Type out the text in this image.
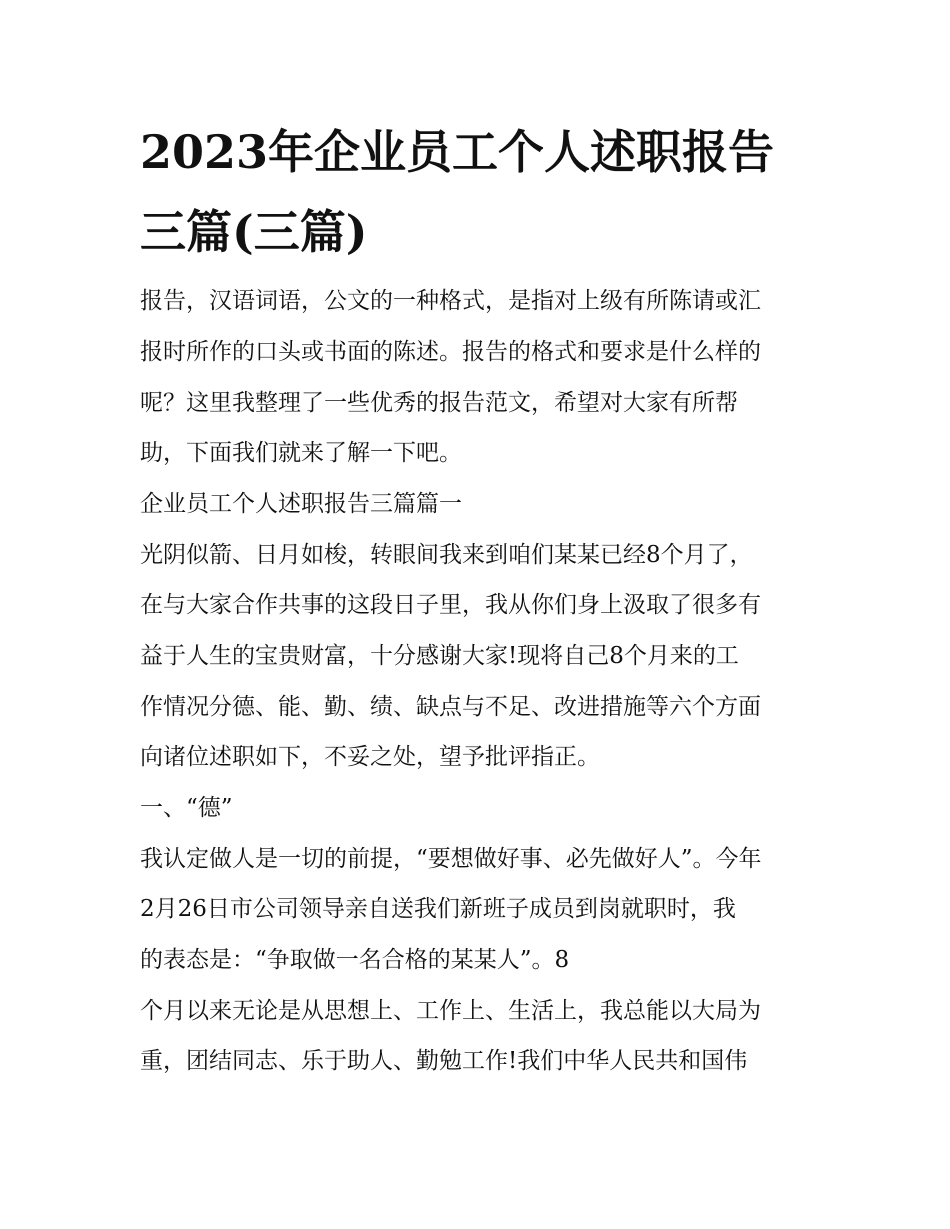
2023年企业员工个人述职报告
三篇(三篇)

报告，汉语词语，公文的一种格式，是指对上级有所陈请或汇

报时所作的口头或书面的陈述。报告的格式和要求是什么样的

呢？这里我整理了一些优秀的报告范文，希望对大家有所帮

助，下面我们就来了解一下吧。

企业员工个人述职报告三篇篇一

光阴似箭、日月如梭，转眼间我来到咱们某某已经8个月了，

在与大家合作共事的这段日子里，我从你们身上汲取了很多有

益于人生的宝贵财富，十分感谢大家!现将自己8个月来的工

作情况分德、能、勤、绩、缺点与不足、改进措施等六个方面

向诸位述职如下，不妥之处，望予批评指正。

一、“德”

我认定做人是一切的前提，“要想做好事、必先做好人”。今年

2月26日市公司领导亲自送我们新班子成员到岗就职时，我

的表态是：“争取做一名合格的某某人”。8

个月以来无论是从思想上、工作上、生活上，我总能以大局为

重，团结同志、乐于助人、勤勉工作!我们中华人民共和国伟
